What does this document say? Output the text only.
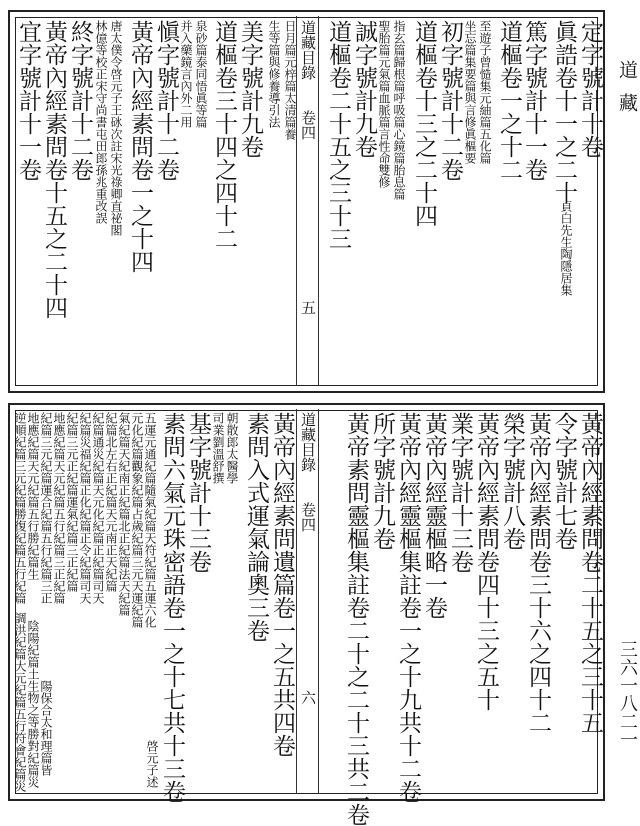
定字號計十卷
眞誥卷十一之二十
貞白先生陶隱居集
篤字號計十一卷
道樞卷一之十二
至遊子曾慥集元紬篇五化篇
坐忘篇集要篇與言修眞樞要
初字號計十二卷
道樞卷十三之二十四
指玄篇歸根篇呼吸篇心鏡篇胎息篇
聖胎篇元氣篇血脈篇言性命雙修
誠字號計九卷
道樞卷二十五之三十三
道藏目錄
卷四
五
日月篇元梓篇太清篇養
生等篇與修養導引法
美字號計九卷
道樞卷三十四之四十二
泉砂篇泰同悟眞等篇
并入藥鏡言內外二用
愼字號計十二卷
黃帝內經素問卷一之十四
唐太僕令啓元子王砯次註宋光祿卿直祕閣
林億等校正宋守尚書屯田郎孫兆重改誤
終字號計十二卷
黃帝內經素問卷十五之二十四
宜字號計十一卷
黃帝內經素問卷二十五之三十五
令字號計七卷
黃帝內經素問卷三十六之四十二
榮字號計八卷
黃帝內經素問卷四十三之五十
業字號計十三卷
黃帝內經靈樞略一卷
黃帝內經靈樞集註卷一之十九共十二卷
所字號計九卷
黃帝素問靈樞集註卷二十之二十三共二卷
道藏目錄
卷四
六
黃帝內經素問遺篇卷一之五共四卷
素問入式運氣論奧三卷
朝散郎太醫學
司業劉溫舒撰
基字號計十三卷
素問六氣元珠密語卷一之十七共十三卷
啓元子述
五運元通紀篇隨氣紀篇天符紀篇五運六化
元化紀篇觀象紀篇占歲紀篇三元天運紀篇
氣紀篇天紀南正紀篇北正紀篇法天紀篇
紀篇北左右正紀篇天元南正天紀篇
紀篇通災紀篇天元化紀篇正紀篇司天
紀篇災福紀篇正化紀篇正令紀篇司天
紀篇三元正紀篇運氣紀篇三正紀篇
地應紀篇天元紀篇五行紀篇三正紀篇
紀篇三元紀篇運合紀篇五行紀篇三正
地應紀篇天元紀篇五行勝紀篇生
逆順紀篇三元紀篇勝復紀篇五行紀篇
調洪紀篇大元紀篇五行符會紀篇災 陰陽紀篇土生物之等勝對紀篇災 陽保合太和理篇皆
道藏
三六一八二一
